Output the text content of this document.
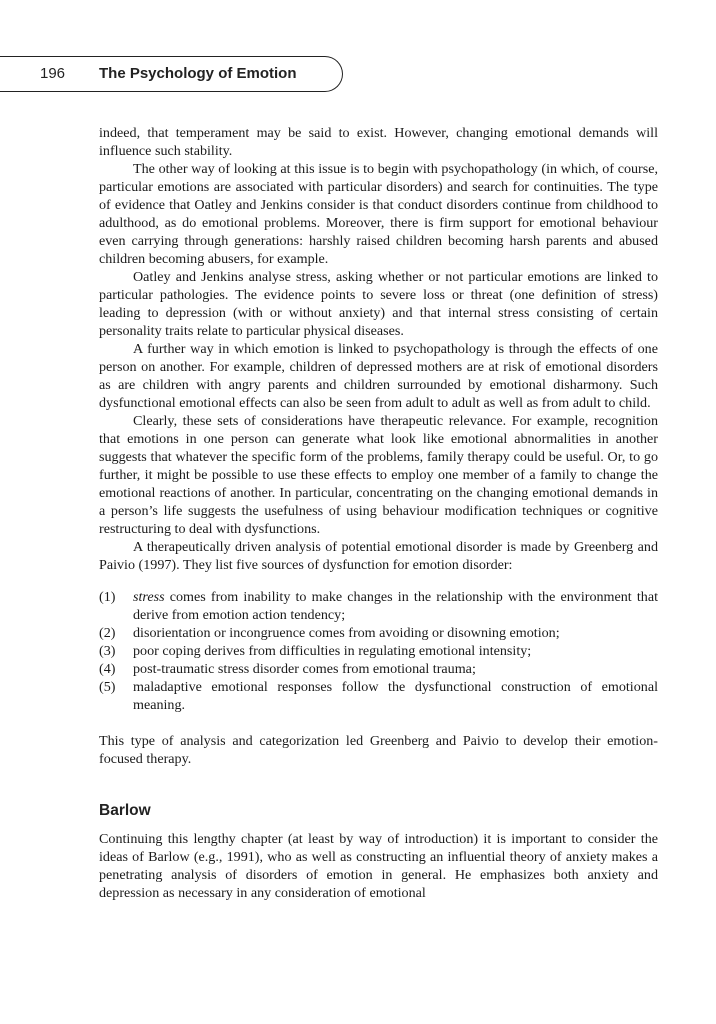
196 The Psychology of Emotion

indeed, that temperament may be said to exist. However, changing emotional demands will influence such stability.

The other way of looking at this issue is to begin with psychopathology (in which, of course, particular emotions are associated with particular disorders) and search for continuities. The type of evidence that Oatley and Jenkins consider is that conduct disorders continue from childhood to adulthood, as do emotional problems. Moreover, there is firm support for emotional behaviour even carrying through generations: harshly raised children becoming harsh parents and abused children becoming abusers, for example.

Oatley and Jenkins analyse stress, asking whether or not particular emotions are linked to particular pathologies. The evidence points to severe loss or threat (one definition of stress) leading to depression (with or without anxiety) and that internal stress consisting of certain personality traits relate to particular physical diseases.

A further way in which emotion is linked to psychopathology is through the effects of one person on another. For example, children of depressed mothers are at risk of emotional disorders as are children with angry parents and children surrounded by emotional disharmony. Such dysfunctional emotional effects can also be seen from adult to adult as well as from adult to child.

Clearly, these sets of considerations have therapeutic relevance. For example, recognition that emotions in one person can generate what look like emotional abnormalities in another suggests that whatever the specific form of the problems, family therapy could be useful. Or, to go further, it might be possible to use these effects to employ one member of a family to change the emotional reactions of another. In particular, concentrating on the changing emotional demands in a person’s life suggests the usefulness of using behaviour modification techniques or cognitive restructuring to deal with dysfunctions.

A therapeutically driven analysis of potential emotional disorder is made by Greenberg and Paivio (1997). They list five sources of dysfunction for emotion disorder:

(1) stress comes from inability to make changes in the relationship with the environment that derive from emotion action tendency;
(2) disorientation or incongruence comes from avoiding or disowning emotion;
(3) poor coping derives from difficulties in regulating emotional intensity;
(4) post-traumatic stress disorder comes from emotional trauma;
(5) maladaptive emotional responses follow the dysfunctional construction of emotional meaning.

This type of analysis and categorization led Greenberg and Paivio to develop their emotion-focused therapy.

Barlow

Continuing this lengthy chapter (at least by way of introduction) it is important to consider the ideas of Barlow (e.g., 1991), who as well as constructing an influential theory of anxiety makes a penetrating analysis of disorders of emotion in general. He emphasizes both anxiety and depression as necessary in any consideration of emotional
